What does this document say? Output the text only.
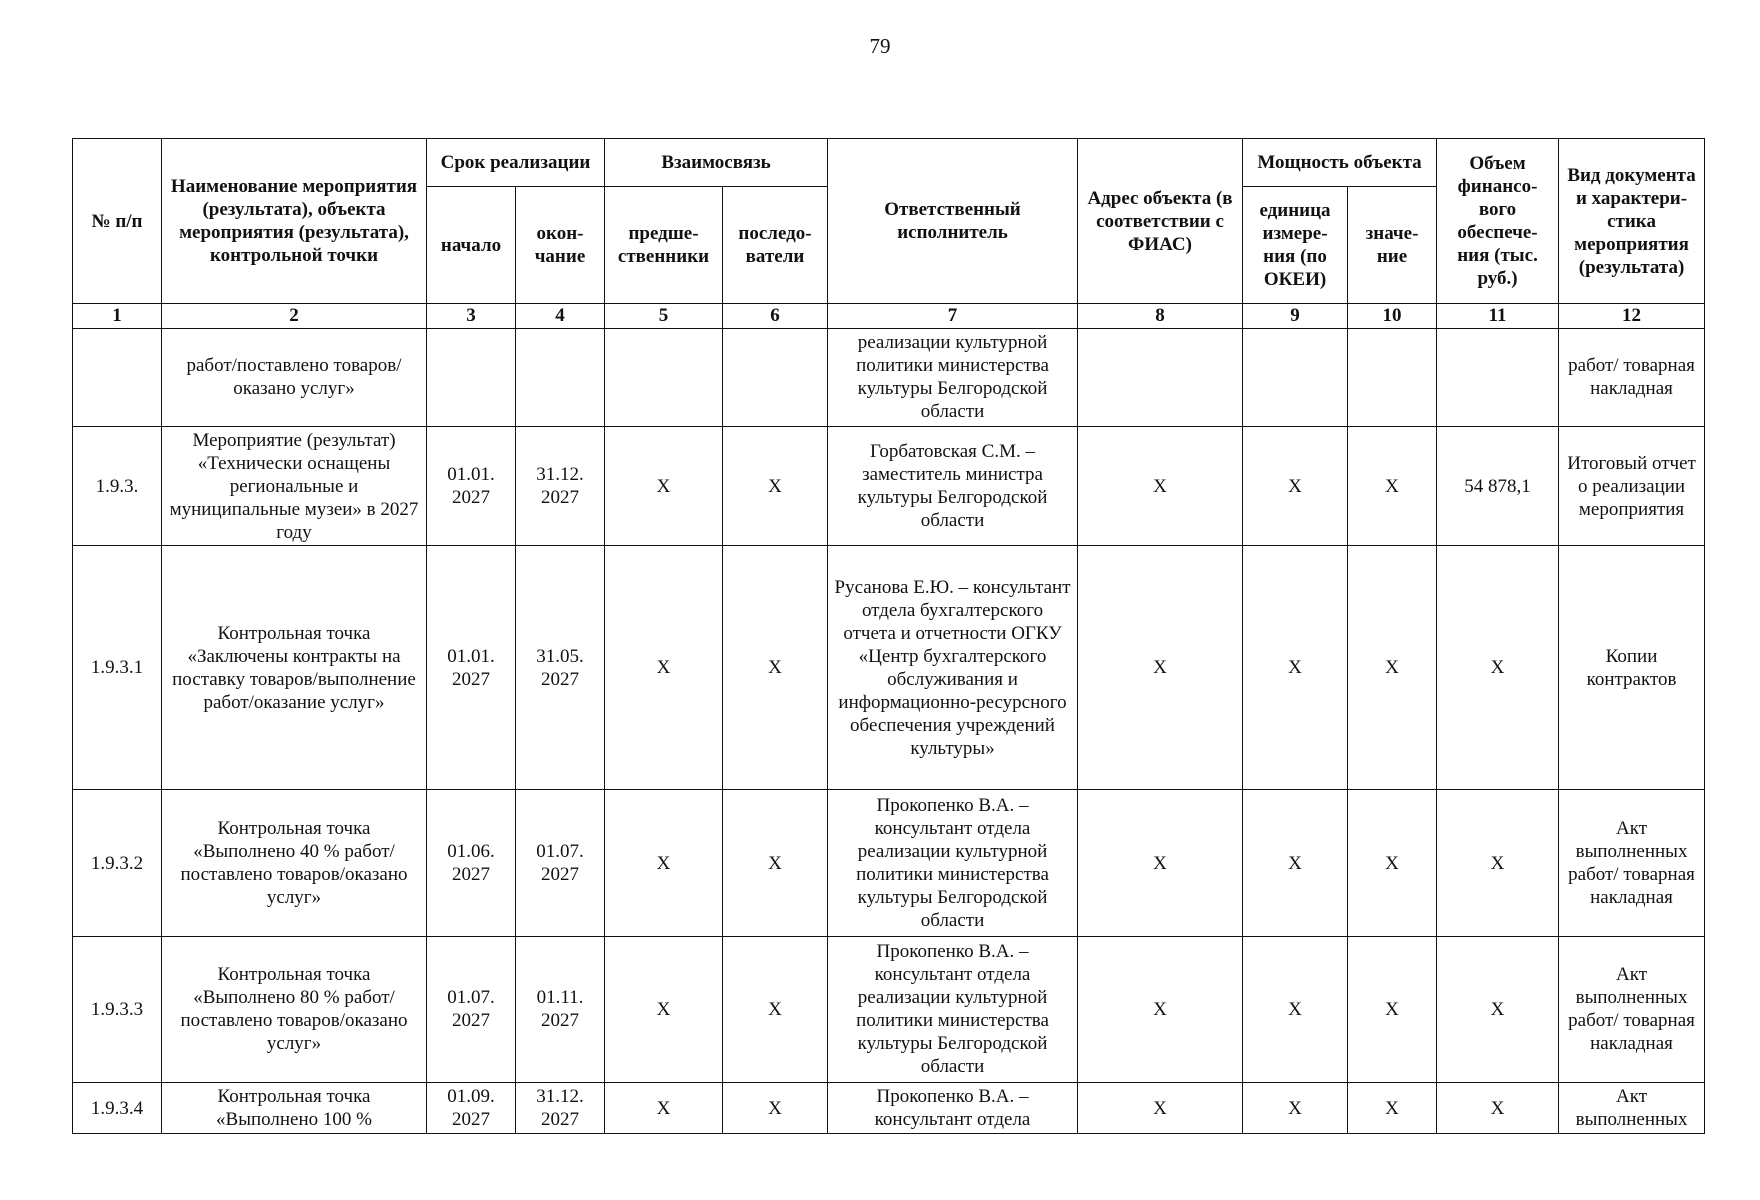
79
№ п/п	Наименование мероприятия (результата), объекта мероприятия (результата), контрольной точки	Срок реализации		Взаимосвязь		Ответственный исполнитель	Адрес объекта (в соответствии с ФИАС)	Мощность объекта		Объем финансо-вого обеспече-ния (тыс. руб.)	Вид документа и характери-стика мероприятия (результата)
		начало	окон-чание	предше-ственники	последо-ватели			единица измере-ния (по ОКЕИ)	значе-ние		
1	2	3	4	5	6	7	8	9	10	11	12
	работ/поставлено товаров/оказано услуг»					реализации культурной политики министерства культуры Белгородской области					работ/ товарная накладная
1.9.3.	Мероприятие (результат) «Технически оснащены региональные и муниципальные музеи» в 2027 году	01.01. 2027	31.12. 2027	X	X	Горбатовская С.М. – заместитель министра культуры Белгородской области	X	X	X	54 878,1	Итоговый отчет о реализации мероприятия
1.9.3.1	Контрольная точка «Заключены контракты на поставку товаров/выполнение работ/оказание услуг»	01.01. 2027	31.05. 2027	X	X	Русанова Е.Ю. – консультант отдела бухгалтерского отчета и отчетности ОГКУ «Центр бухгалтерского обслуживания и информационно-ресурсного обеспечения учреждений культуры»	X	X	X	X	Копии контрактов
1.9.3.2	Контрольная точка «Выполнено 40 % работ/поставлено товаров/оказано услуг»	01.06. 2027	01.07. 2027	X	X	Прокопенко В.А. – консультант отдела реализации культурной политики министерства культуры Белгородской области	X	X	X	X	Акт выполненных работ/ товарная накладная
1.9.3.3	Контрольная точка «Выполнено 80 % работ/поставлено товаров/оказано услуг»	01.07. 2027	01.11. 2027	X	X	Прокопенко В.А. – консультант отдела реализации культурной политики министерства культуры Белгородской области	X	X	X	X	Акт выполненных работ/ товарная накладная
1.9.3.4	Контрольная точка «Выполнено 100 %	01.09. 2027	31.12. 2027	X	X	Прокопенко В.А. – консультант отдела	X	X	X	X	Акт выполненных
